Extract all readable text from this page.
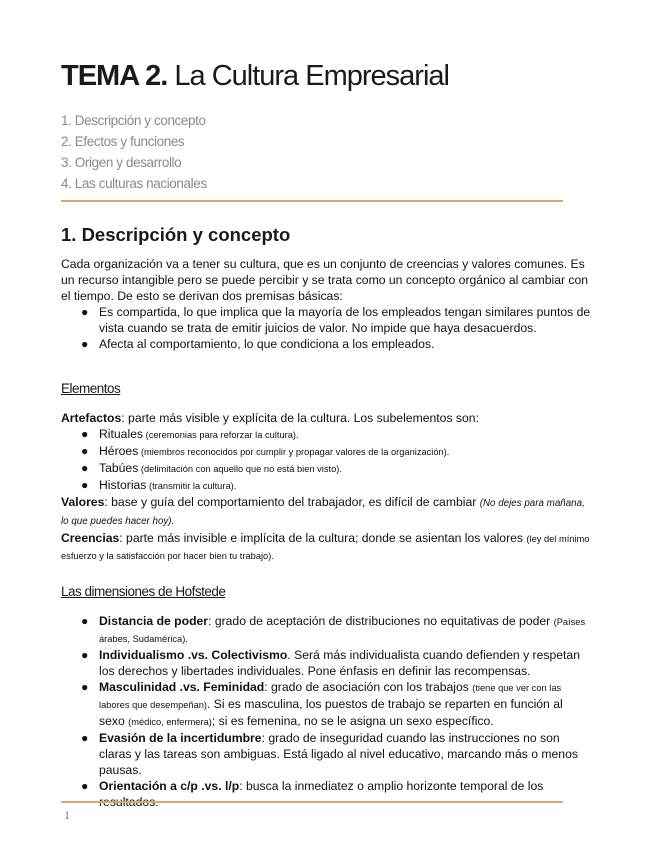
TEMA 2. La Cultura Empresarial
1. Descripción y concepto
2. Efectos y funciones
3. Origen y desarrollo
4. Las culturas nacionales
1. Descripción y concepto

Cada organización va a tener su cultura, que es un conjunto de creencias y valores comunes. Es un recurso intangible pero se puede percibir y se trata como un concepto orgánico al cambiar con el tiempo. De esto se derivan dos premisas básicas:

● Es compartida, lo que implica que la mayoría de los empleados tengan similares puntos de vista cuando se trata de emitir juicios de valor. No impide que haya desacuerdos.
● Afecta al comportamiento, lo que condiciona a los empleados.
Elementos

Artefactos: parte más visible y explícita de la cultura. Los subelementos son:

● Rituales (ceremonias para reforzar la cultura).
● Héroes (miembros reconocidos por cumplir y propagar valores de la organización).
● Tabúes (delimitación con aquello que no está bien visto).
● Historias (transmitir la cultura).

Valores: base y guía del comportamiento del trabajador, es difícil de cambiar (No dejes para mañana, lo que puedes hacer hoy).

Creencias: parte más invisible e implícita de la cultura; donde se asientan los valores (ley del mínimo esfuerzo y la satisfacción por hacer bien tu trabajo).

Las dimensiones de Hofstede
● Distancia de poder: grado de aceptación de distribuciones no equitativas de poder (Países árabes, Sudamérica).
● Individualismo .vs. Colectivismo. Será más individualista cuando defienden y respetan los derechos y libertades individuales. Pone énfasis en definir las recompensas.
● Masculinidad .vs. Feminidad: grado de asociación con los trabajos (tiene que ver con las labores que desempeñan). Si es masculina, los puestos de trabajo se reparten en función al sexo (médico, enfermera); si es femenina, no se le asigna un sexo específico.
● Evasión de la incertidumbre: grado de inseguridad cuando las instrucciones no son claras y las tareas son ambiguas. Está ligado al nivel educativo, marcando más o menos pausas.
● Orientación a c/p .vs. l/p: busca la inmediatez o amplio horizonte temporal de los
1
